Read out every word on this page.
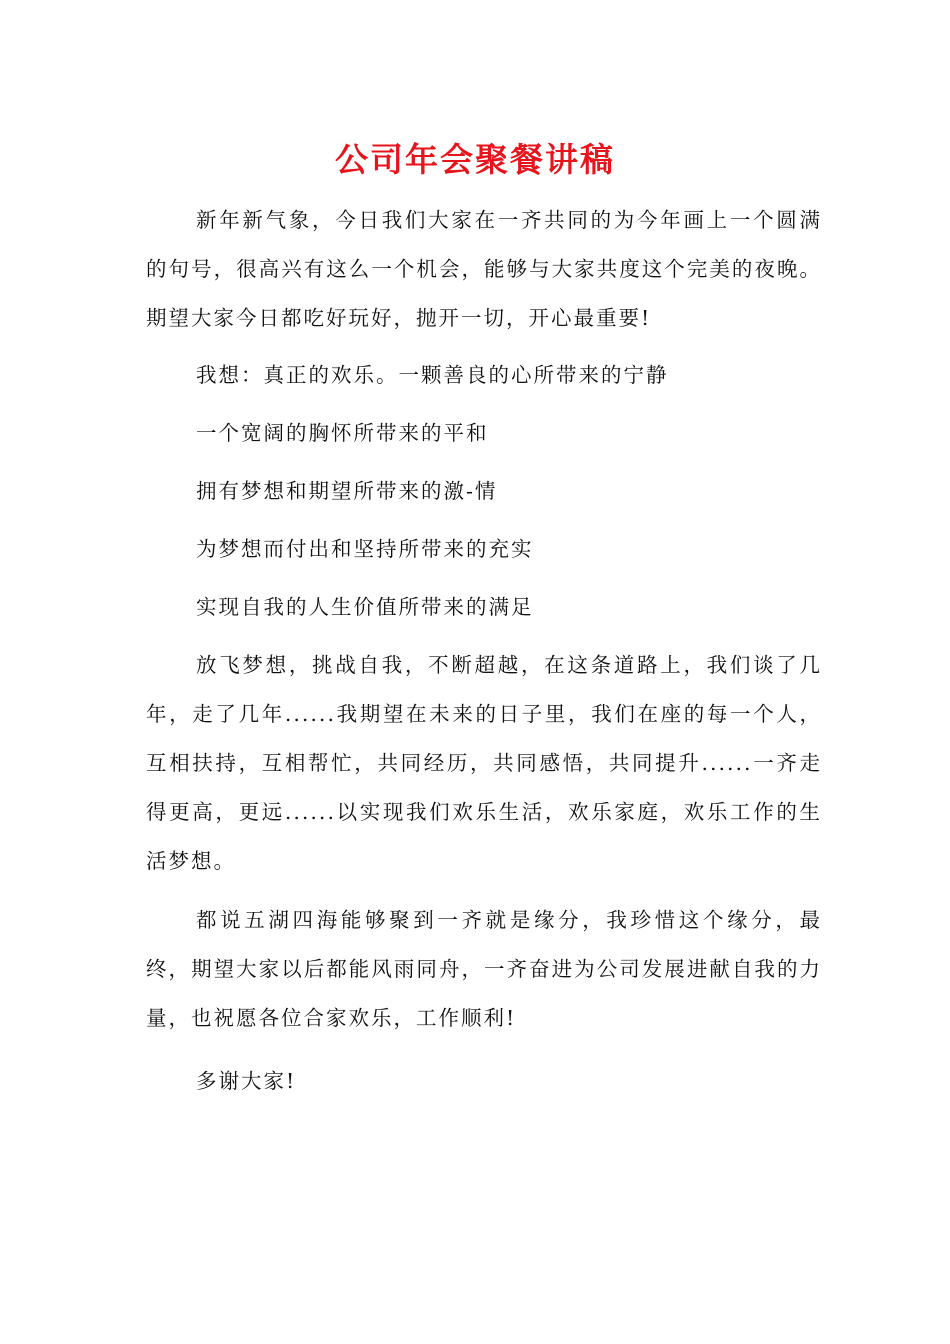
公司年会聚餐讲稿

新年新气象，今日我们大家在一齐共同的为今年画上一个圆满的句号，很高兴有这么一个机会，能够与大家共度这个完美的夜晚。期望大家今日都吃好玩好，抛开一切，开心最重要!

我想：真正的欢乐。一颗善良的心所带来的宁静

一个宽阔的胸怀所带来的平和

拥有梦想和期望所带来的激-情

为梦想而付出和坚持所带来的充实

实现自我的人生价值所带来的满足

放飞梦想，挑战自我，不断超越，在这条道路上，我们谈了几年，走了几年......我期望在未来的日子里，我们在座的每一个人，互相扶持，互相帮忙，共同经历，共同感悟，共同提升......一齐走得更高，更远......以实现我们欢乐生活，欢乐家庭，欢乐工作的生活梦想。

都说五湖四海能够聚到一齐就是缘分，我珍惜这个缘分，最终，期望大家以后都能风雨同舟，一齐奋进为公司发展进献自我的力量，也祝愿各位合家欢乐，工作顺利!

多谢大家!
